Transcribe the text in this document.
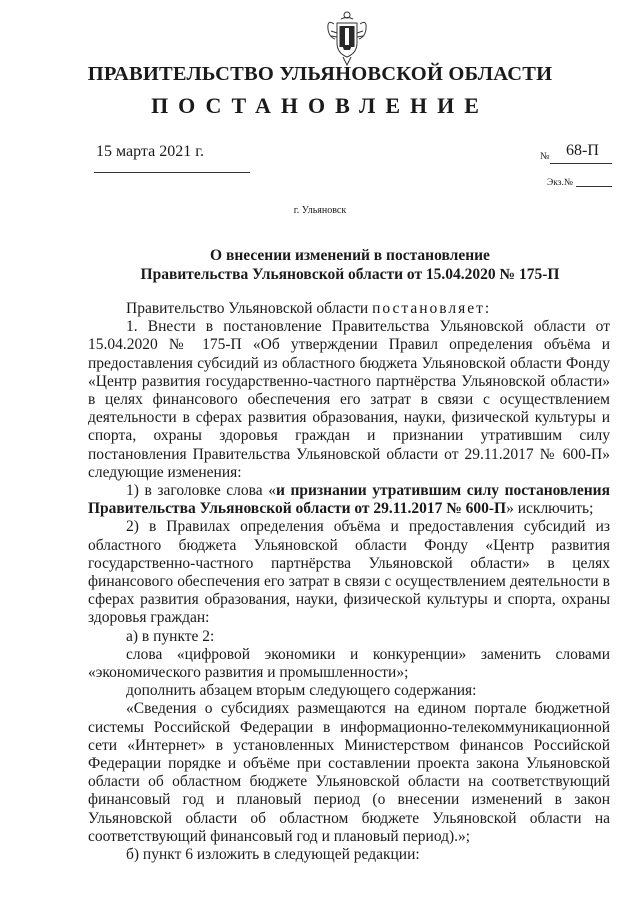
ПРАВИТЕЛЬСТВО УЛЬЯНОВСКОЙ ОБЛАСТИ
ПОСТАНОВЛЕНИЕ
15 марта 2021 г.	№ 68-П
Экз.№
г. Ульяновск
О внесении изменений в постановление
Правительства Ульяновской области от 15.04.2020 № 175-П

Правительство Ульяновской области постановляет:

1. Внести в постановление Правительства Ульяновской области от 15.04.2020 № 175-П «Об утверждении Правил определения объёма и предоставления субсидий из областного бюджета Ульяновской области Фонду «Центр развития государственно-частного партнёрства Ульяновской области» в целях финансового обеспечения его затрат в связи с осуществлением деятельности в сферах развития образования, науки, физической культуры и спорта, охраны здоровья граждан и признании утратившим силу постановления Правительства Ульяновской области от 29.11.2017 № 600-П» следующие изменения:

1) в заголовке слова «и признании утратившим силу постановления Правительства Ульяновской области от 29.11.2017 № 600-П» исключить;

2) в Правилах определения объёма и предоставления субсидий из областного бюджета Ульяновской области Фонду «Центр развития государственно-частного партнёрства Ульяновской области» в целях финансового обеспечения его затрат в связи с осуществлением деятельности в сферах развития образования, науки, физической культуры и спорта, охраны здоровья граждан:

а) в пункте 2:

слова «цифровой экономики и конкуренции» заменить словами «экономического развития и промышленности»;

дополнить абзацем вторым следующего содержания:

«Сведения о субсидиях размещаются на едином портале бюджетной системы Российской Федерации в информационно-телекоммуникационной сети «Интернет» в установленных Министерством финансов Российской Федерации порядке и объёме при составлении проекта закона Ульяновской области об областном бюджете Ульяновской области на соответствующий финансовый год и плановый период (о внесении изменений в закон Ульяновской области об областном бюджете Ульяновской области на соответствующий финансовый год и плановый период).»;

б) пункт 6 изложить в следующей редакции:
